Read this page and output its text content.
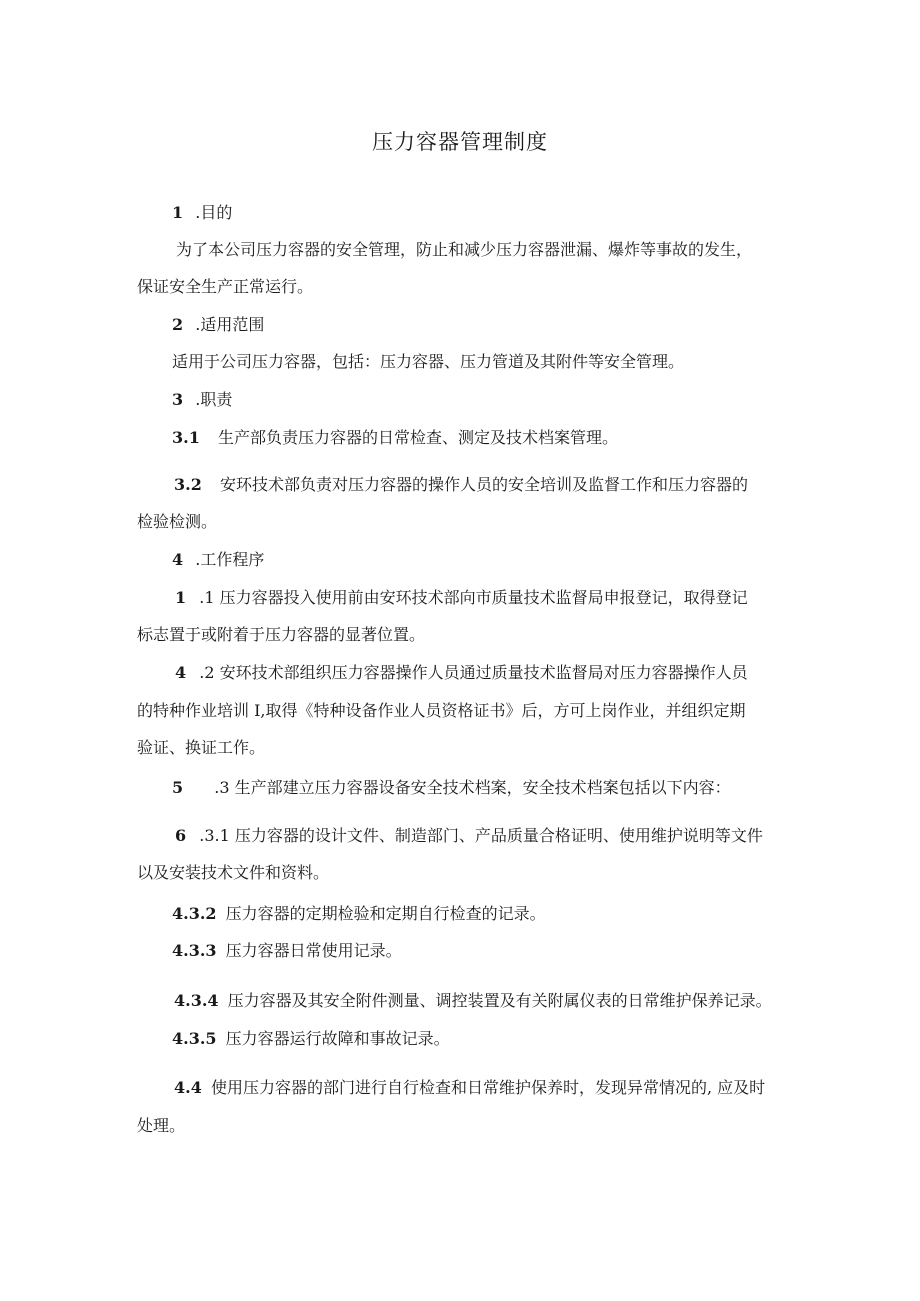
压力容器管理制度
1 .目的
为了本公司压力容器的安全管理，防止和减少压力容器泄漏、爆炸等事故的发生，
保证安全生产正常运行。
2 .适用范围
适用于公司压力容器，包括：压力容器、压力管道及其附件等安全管理。
3 .职责
3.1 生产部负责压力容器的日常检查、测定及技术档案管理。
3.2 安环技术部负责对压力容器的操作人员的安全培训及监督工作和压力容器的
检验检测。
4 .工作程序
1 .1 压力容器投入使用前由安环技术部向市质量技术监督局申报登记，取得登记
标志置于或附着于压力容器的显著位置。
4 .2 安环技术部组织压力容器操作人员通过质量技术监督局对压力容器操作人员
的特种作业培训 I,取得《特种设备作业人员资格证书》后，方可上岗作业，并组织定期
验证、换证工作。
5 .3 生产部建立压力容器设备安全技术档案，安全技术档案包括以下内容：
6 .3.1 压力容器的设计文件、制造部门、产品质量合格证明、使用维护说明等文件
以及安装技术文件和资料。
4.3.2 压力容器的定期检验和定期自行检查的记录。
4.3.3 压力容器日常使用记录。
4.3.4 压力容器及其安全附件测量、调控装置及有关附属仪表的日常维护保养记录。
4.3.5 压力容器运行故障和事故记录。
4.4 使用压力容器的部门进行自行检查和日常维护保养时，发现异常情况的, 应及时
处理。
